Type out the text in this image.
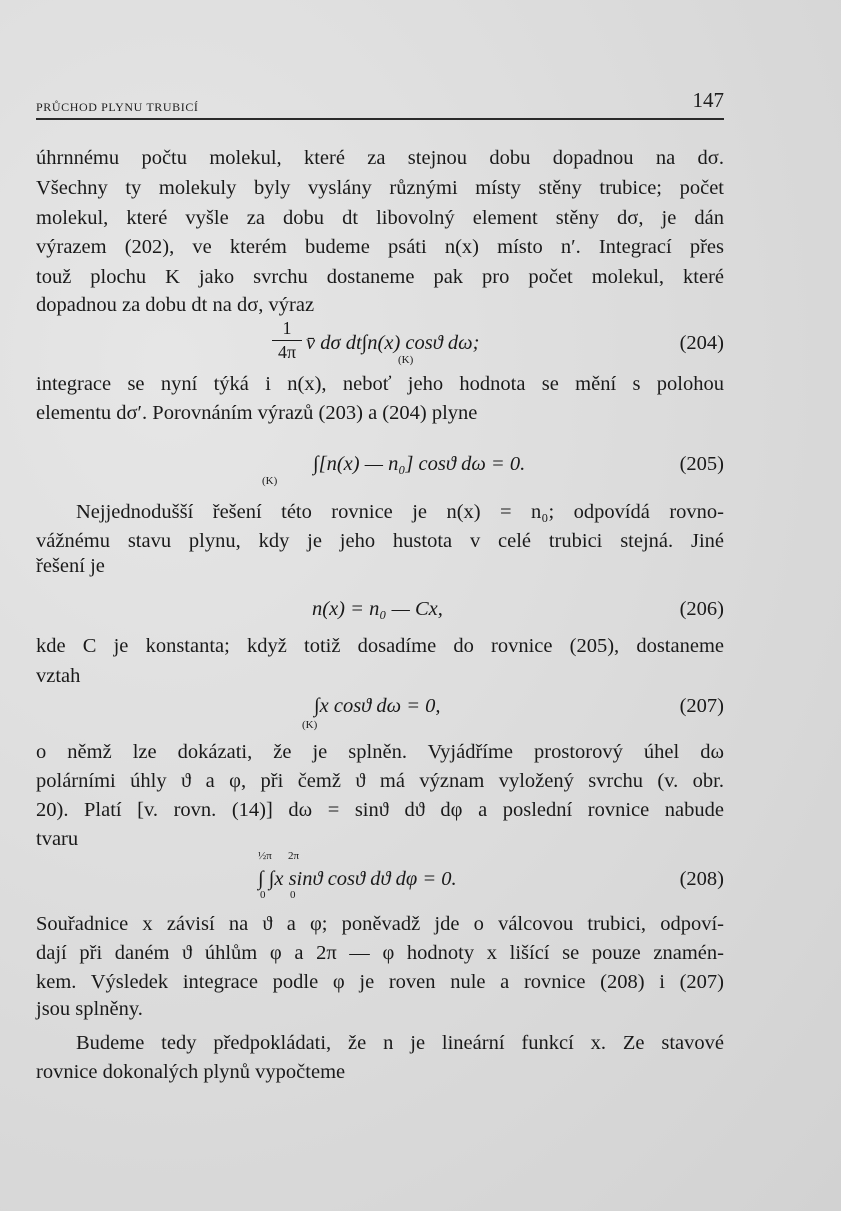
PRŮCHOD PLYNU TRUBICÍ	147
úhrnnému počtu molekul, které za stejnou dobu dopadnou na dσ.
Všechny ty molekuly byly vyslány různými místy stěny trubice; počet
molekul, které vyšle za dobu dt libovolný element stěny dσ, je dán
výrazem (202), ve kterém budeme psáti n(x) místo n′. Integrací přes
touž plochu K jako svrchu dostaneme pak pro počet molekul, které
dopadnou za dobu dt na dσ, výraz
1
4π v̄ dσ dt∫n(x) cosϑ dω;
(K)
(204)
integrace se nyní týká i n(x), neboť jeho hodnota se mění s polohou
elementu dσ′. Porovnáním výrazů (203) a (204) plyne
∫[n(x) — n₀] cosϑ dω = 0.
(K)
(205)
Nejjednodušší řešení této rovnice je n(x) = n₀; odpovídá rovno-
vážnému stavu plynu, kdy je jeho hustota v celé trubici stejná. Jiné
řešení je
n(x) = n₀ — Cx,	(206)
kde C je konstanta; když totiž dosadíme do rovnice (205), dostaneme
vztah
∫x cosϑ dω = 0,
(K)
(207)
o němž lze dokázati, že je splněn. Vyjádříme prostorový úhel dω
polárními úhly ϑ a φ, při čemž ϑ má význam vyložený svrchu (v. obr.
20). Platí [v. rovn. (14)] dω = sinϑ dϑ dφ a poslední rovnice nabude
tvaru
½π 2π
∫ ∫x sinϑ cosϑ dϑ dφ = 0.
0 0
(208)
Souřadnice x závisí na ϑ a φ; poněvadž jde o válcovou trubici, odpoví-
dají při daném ϑ úhlům φ a 2π — φ hodnoty x lišící se pouze znamén-
kem. Výsledek integrace podle φ je roven nule a rovnice (208) i (207)
jsou splněny.
Budeme tedy předpokládati, že n je lineární funkcí x. Ze stavové
rovnice dokonalých plynů vypočteme
